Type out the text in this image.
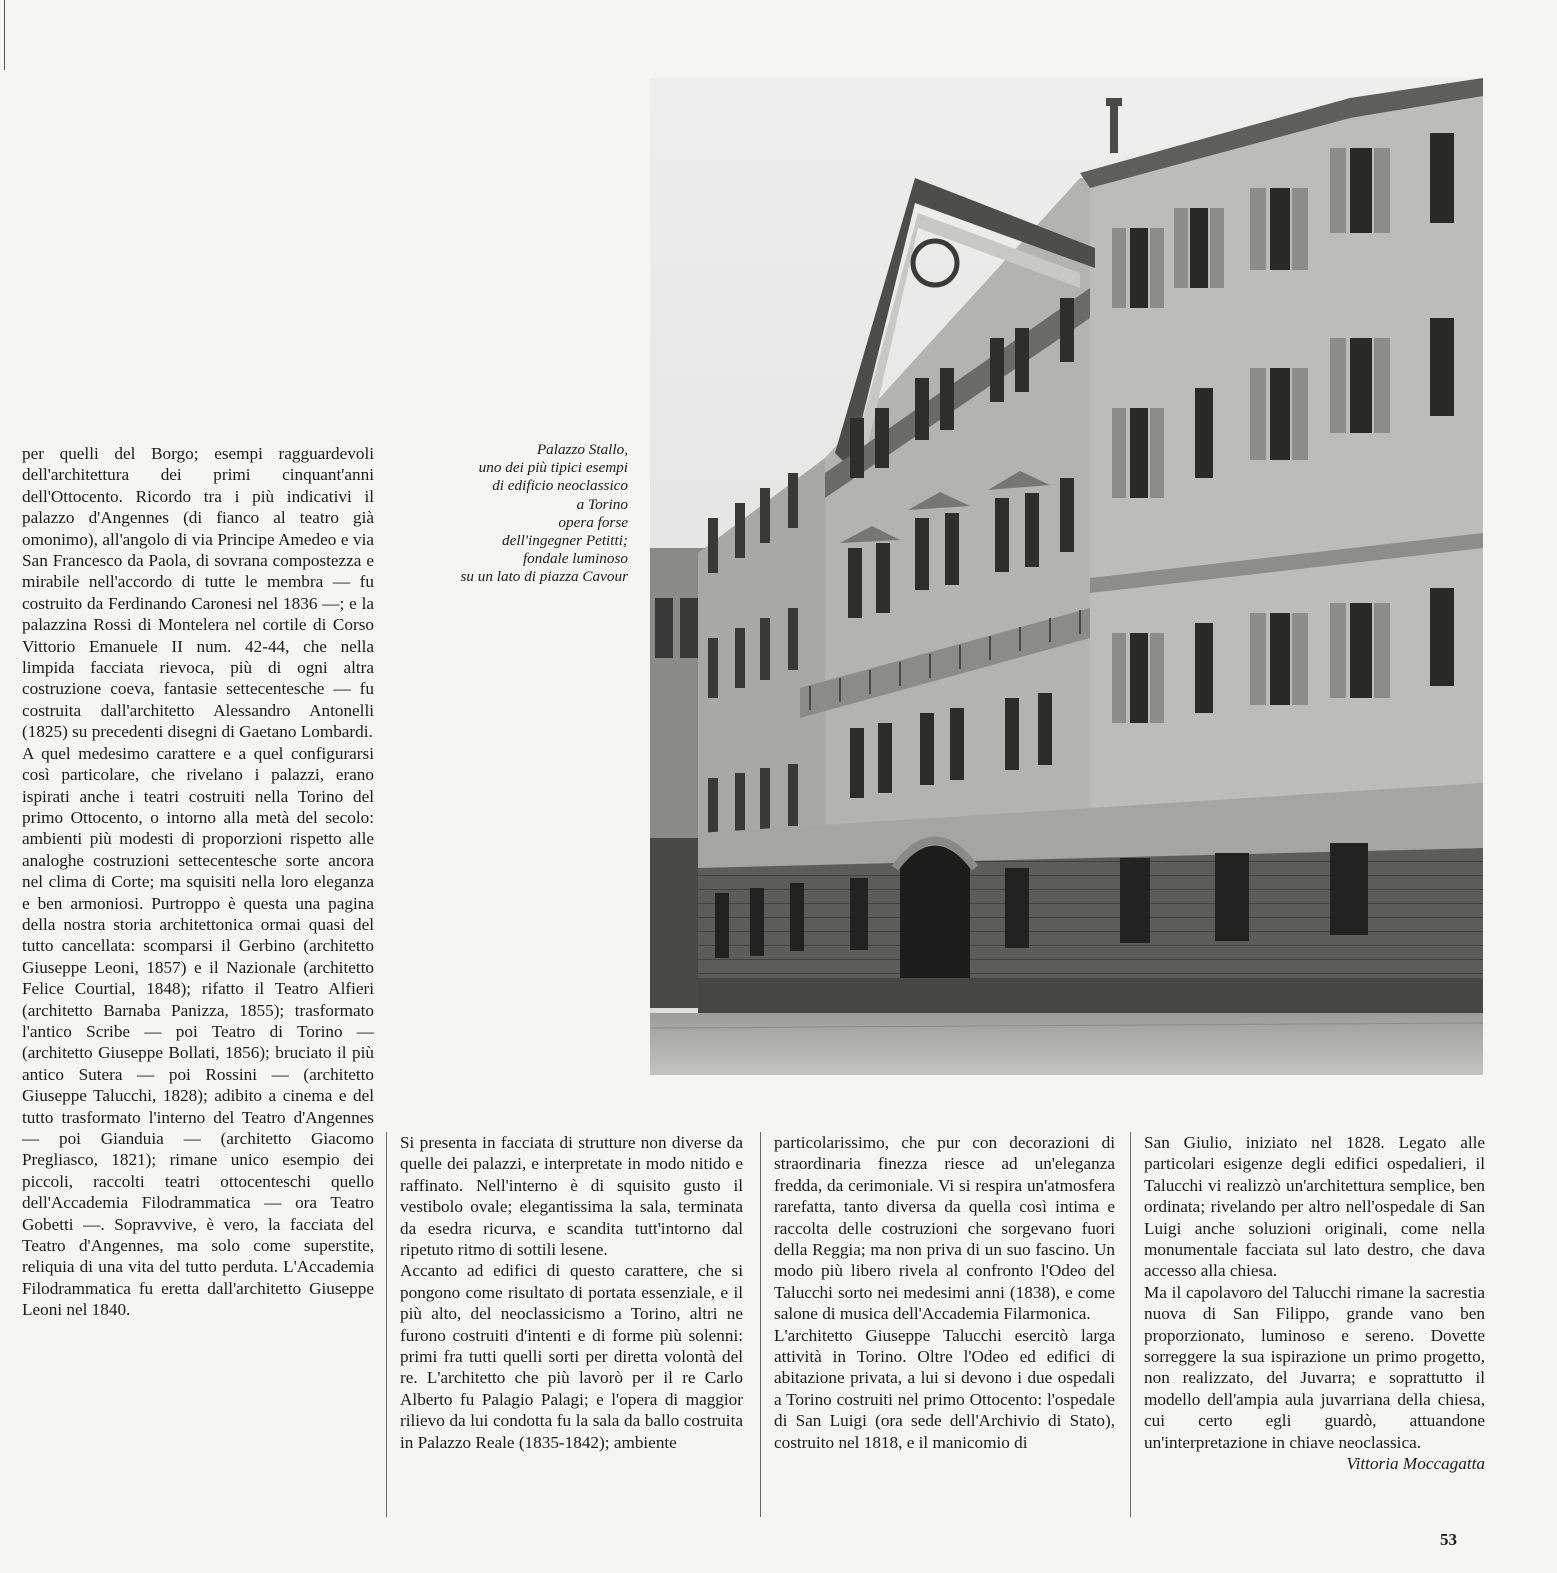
Palazzo Stallo,
uno dei più tipici esempi
di edificio neoclassico
a Torino
opera forse
dell'ingegner Petitti;
fondale luminoso
su un lato di piazza Cavour

per quelli del Borgo; esempi ragguardevoli dell'architettura dei primi cinquant'anni dell'Ottocento. Ricordo tra i più indicativi il palazzo d'Angennes (di fianco al teatro già omonimo), all'angolo di via Principe Amedeo e via San Francesco da Paola, di sovrana compostezza e mirabile nell'accordo di tutte le membra — fu costruito da Ferdinando Caronesi nel 1836 —; e la palazzina Rossi di Montelera nel cortile di Corso Vittorio Emanuele II num. 42-44, che nella limpida facciata rievoca, più di ogni altra costruzione coeva, fantasie settecentesche — fu costruita dall'architetto Alessandro Antonelli (1825) su precedenti disegni di Gaetano Lombardi.

A quel medesimo carattere e a quel configurarsi così particolare, che rivelano i palazzi, erano ispirati anche i teatri costruiti nella Torino del primo Ottocento, o intorno alla metà del secolo: ambienti più modesti di proporzioni rispetto alle analoghe costruzioni settecentesche sorte ancora nel clima di Corte; ma squisiti nella loro eleganza e ben armoniosi. Purtroppo è questa una pagina della nostra storia architettonica ormai quasi del tutto cancellata: scomparsi il Gerbino (architetto Giuseppe Leoni, 1857) e il Nazionale (architetto Felice Courtial, 1848); rifatto il Teatro Alfieri (architetto Barnaba Panizza, 1855); trasformato l'antico Scribe — poi Teatro di Torino — (architetto Giuseppe Bollati, 1856); bruciato il più antico Sutera — poi Rossini — (architetto Giuseppe Talucchi, 1828); adibito a cinema e del tutto trasformato l'interno del Teatro d'Angennes — poi Gianduia — (architetto Giacomo Pregliasco, 1821); rimane unico esempio dei piccoli, raccolti teatri ottocenteschi quello dell'Accademia Filodrammatica — ora Teatro Gobetti —. Sopravvive, è vero, la facciata del Teatro d'Angennes, ma solo come superstite, reliquia di una vita del tutto perduta. L'Accademia Filodrammatica fu eretta dall'architetto Giuseppe Leoni nel 1840.

Si presenta in facciata di strutture non diverse da quelle dei palazzi, e interpretate in modo nitido e raffinato. Nell'interno è di squisito gusto il vestibolo ovale; elegantissima la sala, terminata da esedra ricurva, e scandita tutt'intorno dal ripetuto ritmo di sottili lesene.

Accanto ad edifici di questo carattere, che si pongono come risultato di portata essenziale, e il più alto, del neoclassicismo a Torino, altri ne furono costruiti d'intenti e di forme più solenni: primi fra tutti quelli sorti per diretta volontà del re. L'architetto che più lavorò per il re Carlo Alberto fu Palagio Palagi; e l'opera di maggior rilievo da lui condotta fu la sala da ballo costruita in Palazzo Reale (1835-1842); ambiente

particolarissimo, che pur con decorazioni di straordinaria finezza riesce ad un'eleganza fredda, da cerimoniale. Vi si respira un'atmosfera rarefatta, tanto diversa da quella così intima e raccolta delle costruzioni che sorgevano fuori della Reggia; ma non priva di un suo fascino. Un modo più libero rivela al confronto l'Odeo del Talucchi sorto nei medesimi anni (1838), e come salone di musica dell'Accademia Filarmonica.

L'architetto Giuseppe Talucchi esercitò larga attività in Torino. Oltre l'Odeo ed edifici di abitazione privata, a lui si devono i due ospedali a Torino costruiti nel primo Ottocento: l'ospedale di San Luigi (ora sede dell'Archivio di Stato), costruito nel 1818, e il manicomio di

San Giulio, iniziato nel 1828. Legato alle particolari esigenze degli edifici ospedalieri, il Talucchi vi realizzò un'architettura semplice, ben ordinata; rivelando per altro nell'ospedale di San Luigi anche soluzioni originali, come nella monumentale facciata sul lato destro, che dava accesso alla chiesa.

Ma il capolavoro del Talucchi rimane la sacrestia nuova di San Filippo, grande vano ben proporzionato, luminoso e sereno. Dovette sorreggere la sua ispirazione un primo progetto, non realizzato, del Juvarra; e soprattutto il modello dell'ampia aula juvarriana della chiesa, cui certo egli guardò, attuandone un'interpretazione in chiave neoclassica.

Vittoria Moccagatta
53
